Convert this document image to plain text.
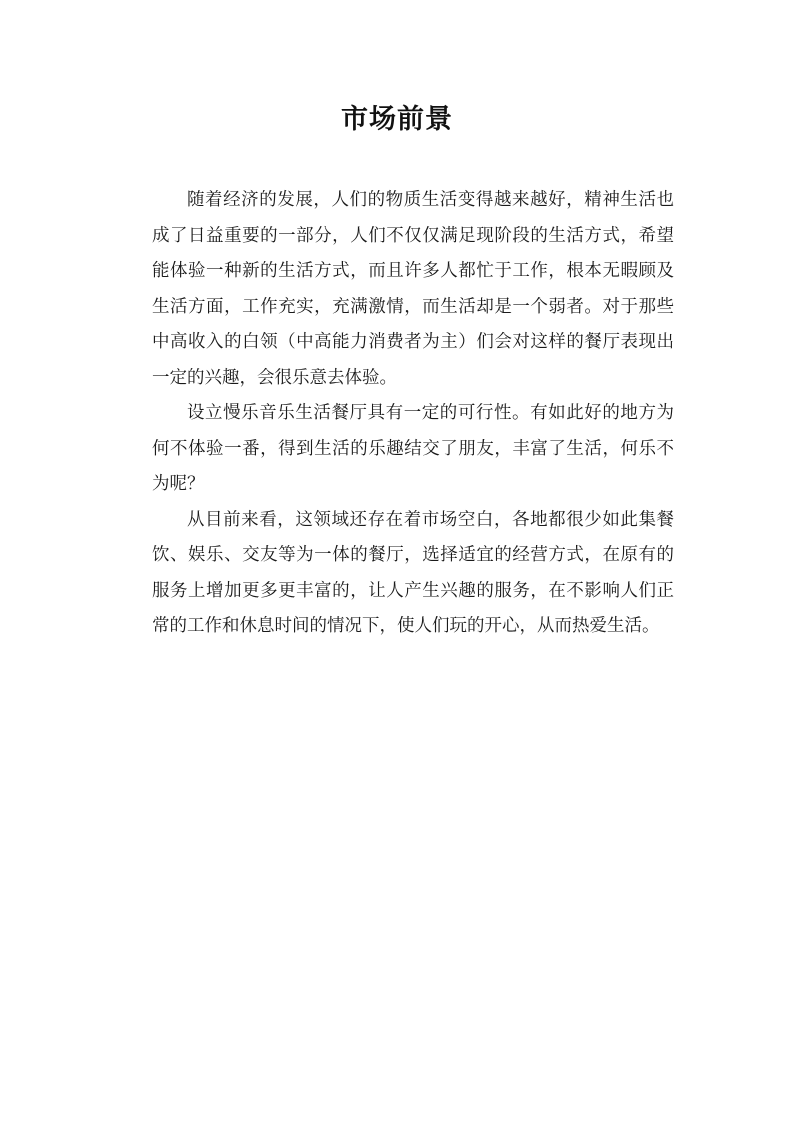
市场前景

随着经济的发展，人们的物质生活变得越来越好，精神生活也成了日益重要的一部分，人们不仅仅满足现阶段的生活方式，希望能体验一种新的生活方式，而且许多人都忙于工作，根本无暇顾及生活方面，工作充实，充满激情，而生活却是一个弱者。对于那些中高收入的白领（中高能力消费者为主）们会对这样的餐厅表现出一定的兴趣，会很乐意去体验。

设立慢乐音乐生活餐厅具有一定的可行性。有如此好的地方为何不体验一番，得到生活的乐趣结交了朋友，丰富了生活，何乐不为呢？

从目前来看，这领域还存在着市场空白，各地都很少如此集餐饮、娱乐、交友等为一体的餐厅，选择适宜的经营方式，在原有的服务上增加更多更丰富的，让人产生兴趣的服务，在不影响人们正常的工作和休息时间的情况下，使人们玩的开心，从而热爱生活。
